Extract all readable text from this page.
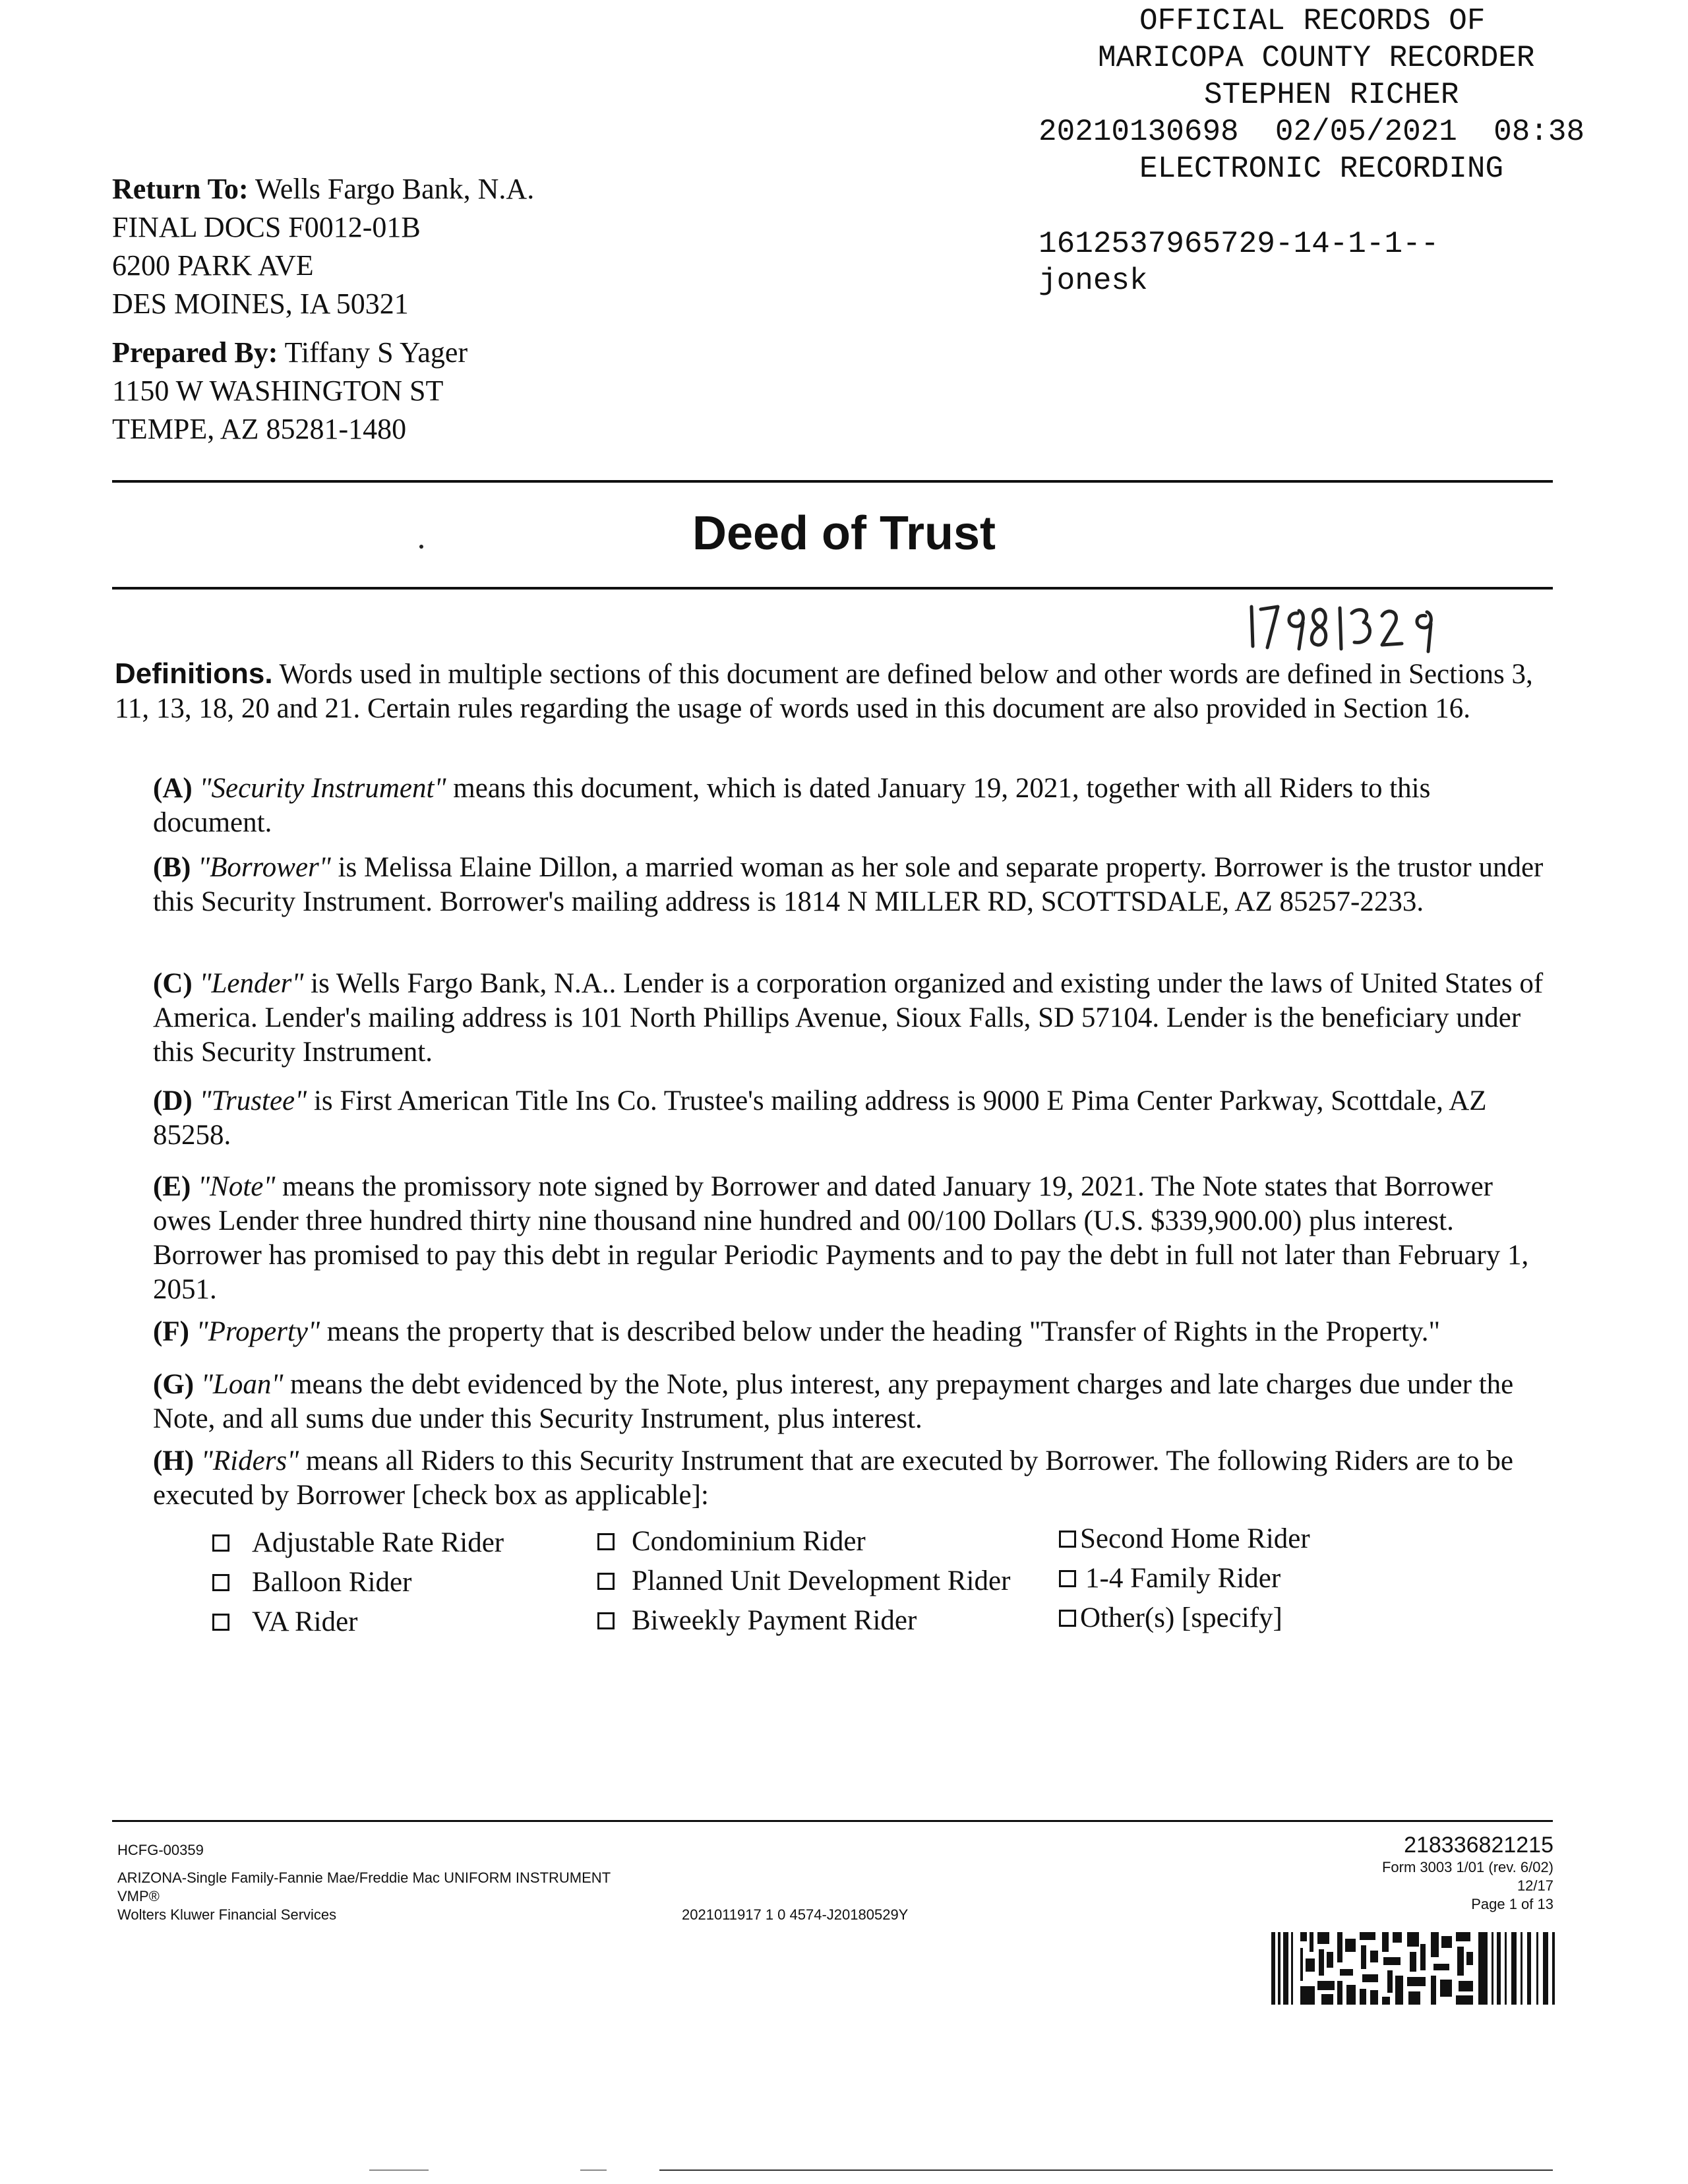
OFFICIAL RECORDS OF
MARICOPA COUNTY RECORDER
STEPHEN RICHER
20210130698  02/05/2021  08:38
ELECTRONIC RECORDING
1612537965729-14-1-1--
jonesk
Return To: Wells Fargo Bank, N.A.
FINAL DOCS F0012-01B
6200 PARK AVE
DES MOINES, IA 50321
Prepared By: Tiffany S Yager
1150 W WASHINGTON ST
TEMPE, AZ 85281-1480
Deed of Trust
Definitions. Words used in multiple sections of this document are defined below and other words are defined in Sections 3, 11, 13, 18, 20 and 21. Certain rules regarding the usage of words used in this document are also provided in Section 16.
(A) "Security Instrument" means this document, which is dated January 19, 2021, together with all Riders to this document.
(B) "Borrower" is Melissa Elaine Dillon, a married woman as her sole and separate property. Borrower is the trustor under this Security Instrument. Borrower's mailing address is 1814 N MILLER RD, SCOTTSDALE, AZ 85257-2233.
(C) "Lender" is Wells Fargo Bank, N.A.. Lender is a corporation organized and existing under the laws of United States of America. Lender's mailing address is 101 North Phillips Avenue, Sioux Falls, SD 57104. Lender is the beneficiary under this Security Instrument.
(D) "Trustee" is First American Title Ins Co. Trustee's mailing address is 9000 E Pima Center Parkway, Scottdale, AZ 85258.
(E) "Note" means the promissory note signed by Borrower and dated January 19, 2021. The Note states that Borrower owes Lender three hundred thirty nine thousand nine hundred and 00/100 Dollars (U.S. $339,900.00) plus interest. Borrower has promised to pay this debt in regular Periodic Payments and to pay the debt in full not later than February 1, 2051.
(F) "Property" means the property that is described below under the heading "Transfer of Rights in the Property."
(G) "Loan" means the debt evidenced by the Note, plus interest, any prepayment charges and late charges due under the Note, and all sums due under this Security Instrument, plus interest.
(H) "Riders" means all Riders to this Security Instrument that are executed by Borrower. The following Riders are to be executed by Borrower [check box as applicable]:
Adjustable Rate Rider
Balloon Rider
VA Rider
Condominium Rider
Planned Unit Development Rider
Biweekly Payment Rider
Second Home Rider
1-4 Family Rider
Other(s) [specify]
HCFG-00359
ARIZONA-Single Family-Fannie Mae/Freddie Mac UNIFORM INSTRUMENT
VMP®
Wolters Kluwer Financial Services	2021011917 1 0 4574-J20180529Y
218336821215
Form 3003 1/01 (rev. 6/02)
12/17
Page 1 of 13
